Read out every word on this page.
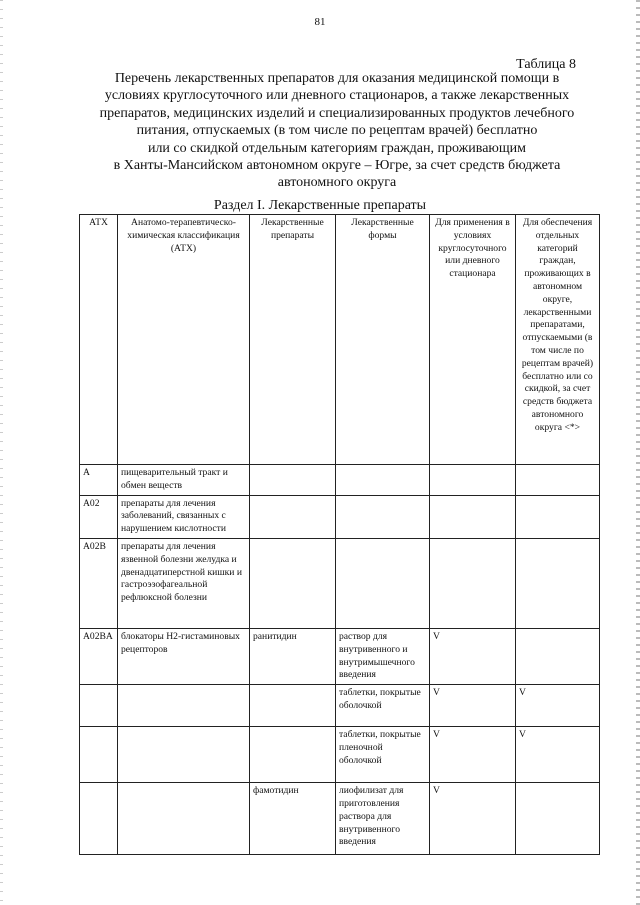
81
Таблица 8
Перечень лекарственных препаратов для оказания медицинской помощи в
условиях круглосуточного или дневного стационаров, а также лекарственных
препаратов, медицинских изделий и специализированных продуктов лечебного
питания, отпускаемых (в том числе по рецептам врачей) бесплатно
или со скидкой отдельным категориям граждан, проживающим
в Ханты-Мансийском автономном округе – Югре, за счет средств бюджета
автономного округа
Раздел I. Лекарственные препараты
АТХ	Анатомо-терапевтическо-химическая классификация (АТХ)	Лекарственные препараты	Лекарственные формы	Для применения в условиях круглосуточного или дневного стационара	Для обеспечения отдельных категорий граждан, проживающих в автономном округе, лекарственными препаратами, отпускаемыми (в том числе по рецептам врачей) бесплатно или со скидкой, за счет средств бюджета автономного округа <*>
A	пищеварительный тракт и обмен веществ				
A02	препараты для лечения заболеваний, связанных с нарушением кислотности				
A02B	препараты для лечения язвенной болезни желудка и двенадцатиперстной кишки и гастроэзофагеальной рефлюксной болезни				
A02BA	блокаторы H2-гистаминовых рецепторов	ранитидин	раствор для внутривенного и внутримышечного введения	V	
			таблетки, покрытые оболочкой	V	V
			таблетки, покрытые пленочной оболочкой	V	V
		фамотидин	лиофилизат для приготовления раствора для внутривенного введения	V	
